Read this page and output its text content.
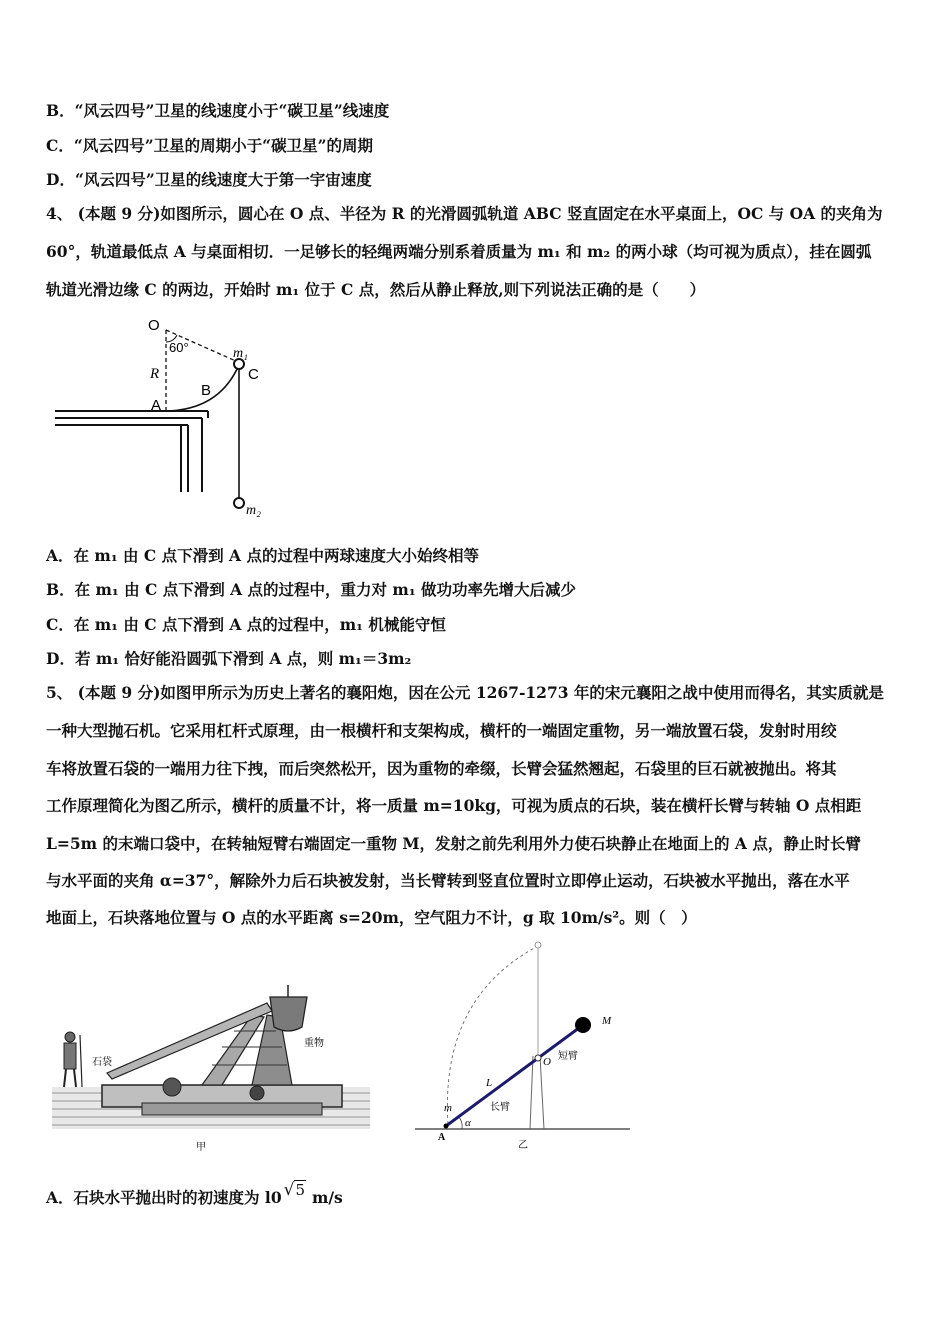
B．“风云四号”卫星的线速度小于“碳卫星”线速度
C．“风云四号”卫星的周期小于“碳卫星”的周期
D．“风云四号”卫星的线速度大于第一宇宙速度
4、 (本题 9 分)如图所示，圆心在 O 点、半径为 R 的光滑圆弧轨道 ABC 竖直固定在水平桌面上，OC 与 OA 的夹角为
60°，轨道最低点 A 与桌面相切．一足够长的轻绳两端分别系着质量为 m₁ 和 m₂ 的两小球（均可视为质点），挂在圆弧
轨道光滑边缘 C 的两边，开始时 m₁ 位于 C 点，然后从静止释放,则下列说法正确的是（　　）
O
60°
R
A
B
C
m₁
m₂
A．在 m₁ 由 C 点下滑到 A 点的过程中两球速度大小始终相等
B．在 m₁ 由 C 点下滑到 A 点的过程中，重力对 m₁ 做功功率先增大后减少
C．在 m₁ 由 C 点下滑到 A 点的过程中，m₁ 机械能守恒
D．若 m₁ 恰好能沿圆弧下滑到 A 点，则 m₁＝3m₂
5、 (本题 9 分)如图甲所示为历史上著名的襄阳炮，因在公元 1267-1273 年的宋元襄阳之战中使用而得名，其实质就是
一种大型抛石机。它采用杠杆式原理，由一根横杆和支架构成，横杆的一端固定重物，另一端放置石袋，发射时用绞
车将放置石袋的一端用力往下拽，而后突然松开，因为重物的牵缀，长臂会猛然翘起，石袋里的巨石就被抛出。将其
工作原理简化为图乙所示，横杆的质量不计，将一质量 m=10kg，可视为质点的石块，装在横杆长臂与转轴 O 点相距
L=5m 的末端口袋中，在转轴短臂右端固定一重物 M，发射之前先利用外力使石块静止在地面上的 A 点，静止时长臂
与水平面的夹角 α=37°，解除外力后石块被发射，当长臂转到竖直位置时立即停止运动，石块被水平抛出，落在水平
地面上，石块落地位置与 O 点的水平距离 s=20m，空气阻力不计，g 取 10m/s²。则（　）
石袋
重物
甲
M
O 短臂
L
长臂
m
A
α
乙
A．石块水平抛出时的初速度为 l0 √5 m/s
